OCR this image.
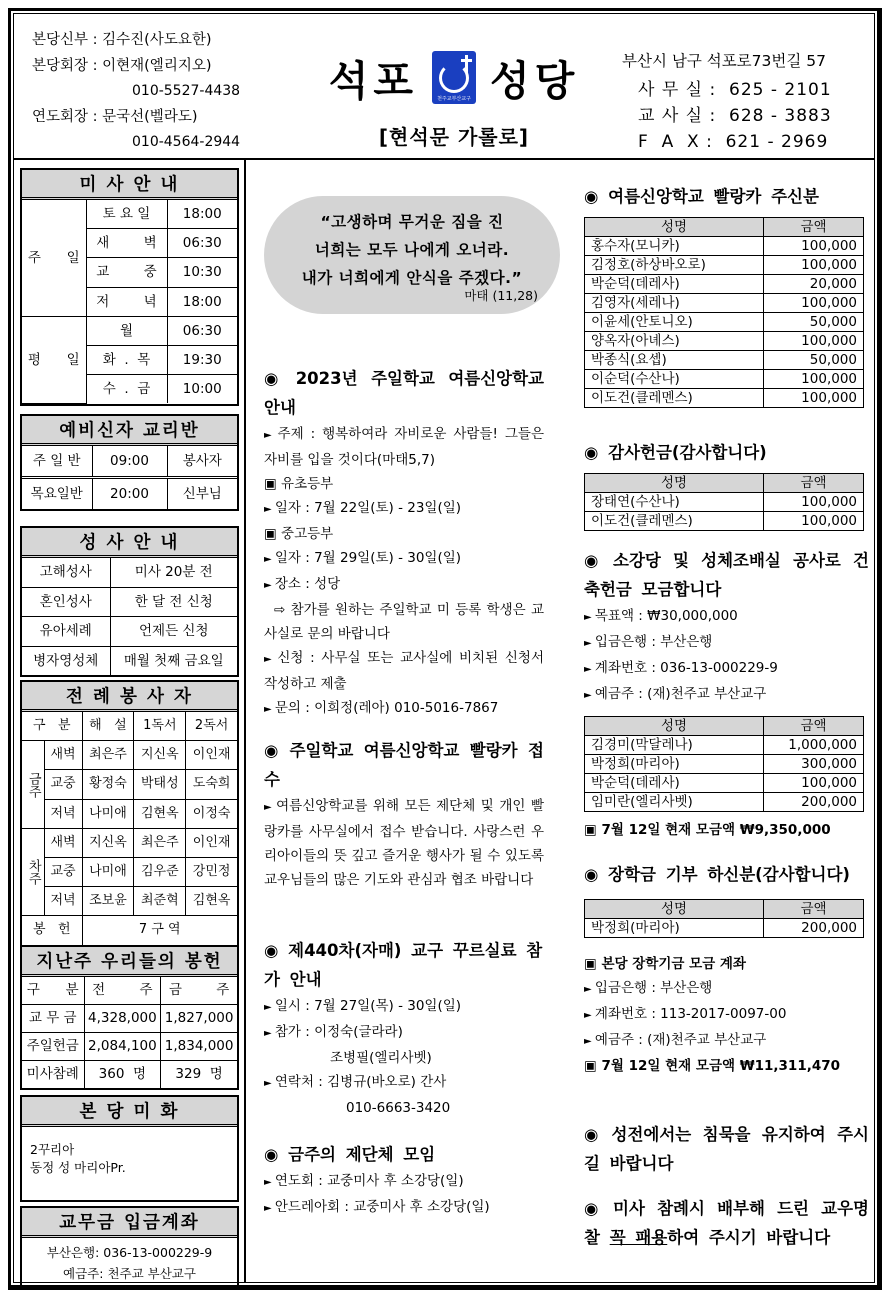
본당신부 : 김수진(사도요한)
본당회장 : 이현재(엘리지오)
010-5527-4438
연도회장 : 문국선(벨라도)
010-4564-2944
석포	천주교부산교구 성당
[현석문 가롤로]
부산시 남구 석포로73번길 57
사 무 실 :  625 - 2101
교 사 실 :  628 - 3883
F  A  X :  621 - 2969
미 사 안 내
주      일	토 요 일	18:00
	새        벽	06:30
	교        중	10:30
	저        녁	18:00
평      일	월	06:30
	화  .  목	19:30
	수  .  금	10:00
예비신자 교리반
주 일 반	09:00	봉사자
목요일반	20:00	신부님
성 사 안 내
고해성사	미사 20분 전
혼인성사	한 달 전 신청
유아세례	언제든 신청
병자영성체	매월 첫째 금요일
전 례 봉 사 자
구   분		해   설	1독서	2독서
금주	새벽	최은주	지신옥	이인재
	교중	황정숙	박태성	도숙희
	저녁	나미애	김현옥	이정숙
차주	새벽	지신옥	최은주	이인재
	교중	나미애	김우준	강민정
	저녁	조보윤	최준혁	김현옥
봉   헌		7 구 역		
지난주 우리들의 봉헌
구      분	전        주	금        주
교 무 금	4,328,000	1,827,000
주일헌금	2,084,100	1,834,000
미사참례	360  명	329  명
본 당 미 화
2꾸리아
동정 성 마리아Pr.
교무금 입금계좌
부산은행: 036-13-000229-9
예금주: 천주교 부산교구
“고생하며 무거운 짐을 진
너희는 모두 나에게 오너라.
내가 너희에게 안식을 주겠다.”
마태 (11,28)
◉ 2023년 주일학교 여름신앙학교 안내
► 주제 : 행복하여라 자비로운 사람들! 그들은 자비를 입을 것이다(마태5,7)
▣ 유초등부
► 일자 : 7월 22일(토) - 23일(일)
▣ 중고등부
► 일자 : 7월 29일(토) - 30일(일)
► 장소 : 성당
⇨ 참가를 원하는 주일학교 미 등록 학생은 교사실로 문의 바랍니다
► 신청 : 사무실 또는 교사실에 비치된 신청서 작성하고 제출
► 문의 : 이희정(레아) 010-5016-7867
◉ 주일학교 여름신앙학교 빨랑카 접수
► 여름신앙학교를 위해 모든 제단체 및 개인 빨랑카를 사무실에서 접수 받습니다. 사랑스런 우리아이들의 뜻 깊고 즐거운 행사가 될 수 있도록 교우님들의 많은 기도와 관심과 협조 바랍니다
◉ 제440차(자매) 교구 꾸르실료 참가 안내
► 일시 : 7월 27일(목) - 30일(일)
► 참가 : 이정숙(글라라)
조병필(엘리사벳)
► 연락처 : 김병규(바오로) 간사
010-6663-3420
◉ 금주의 제단체 모임
► 연도회 : 교중미사 후 소강당(일)
► 안드레아회 : 교중미사 후 소강당(일)
◉ 여름신앙학교 빨랑카 주신분
성명	금액
홍수자(모니카)	100,000
김정호(하상바오로)	100,000
박순덕(데레사)	20,000
김영자(세레나)	100,000
이윤세(안토니오)	50,000
양옥자(아녜스)	100,000
박종식(요셉)	50,000
이순덕(수산나)	100,000
이도건(클레멘스)	100,000
◉ 감사헌금(감사합니다)
성명	금액
장태연(수산나)	100,000
이도건(클레멘스)	100,000
◉ 소강당 및 성체조배실 공사로 건축헌금 모금합니다
► 목표액 : ₩30,000,000
► 입금은행 : 부산은행
► 계좌번호 : 036-13-000229-9
► 예금주 : (재)천주교 부산교구
성명	금액
김경미(막달레나)	1,000,000
박정희(마리아)	300,000
박순덕(데레사)	100,000
임미란(엘리사벳)	200,000
▣ 7월 12일 현재 모금액 ₩9,350,000
◉ 장학금 기부 하신분(감사합니다)
성명	금액
박정희(마리아)	200,000
▣ 본당 장학기금 모금 계좌
► 입금은행 : 부산은행
► 계좌번호 : 113-2017-0097-00
► 예금주 : (재)천주교 부산교구
▣ 7월 12일 현재 모금액 ₩11,311,470
◉ 성전에서는 침묵을 유지하여 주시길 바랍니다
◉ 미사 참례시 배부해 드린 교우명찰 꼭 패용하여 주시기 바랍니다
